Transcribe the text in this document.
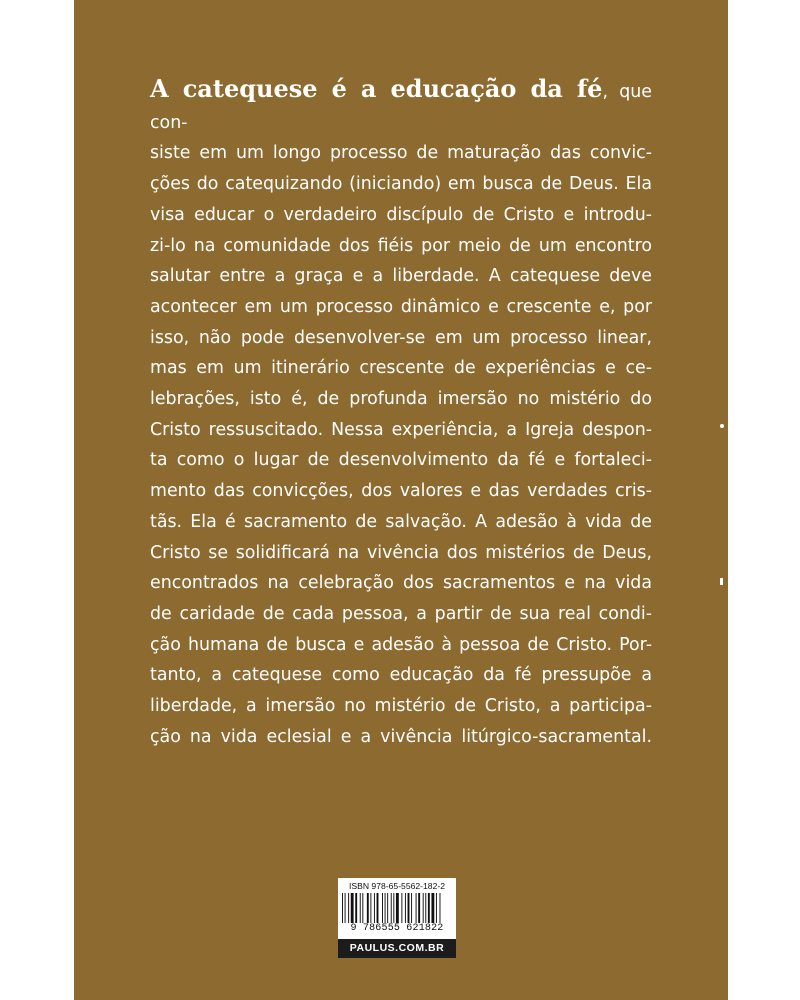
A catequese é a educação da fé, que con-
siste em um longo processo de maturação das convic-
ções do catequizando (iniciando) em busca de Deus. Ela
visa educar o verdadeiro discípulo de Cristo e introdu-
zi-lo na comunidade dos fiéis por meio de um encontro
salutar entre a graça e a liberdade. A catequese deve
acontecer em um processo dinâmico e crescente e, por
isso, não pode desenvolver-se em um processo linear,
mas em um itinerário crescente de experiências e ce-
lebrações, isto é, de profunda imersão no mistério do
Cristo ressuscitado. Nessa experiência, a Igreja despon-
ta como o lugar de desenvolvimento da fé e fortaleci-
mento das convicções, dos valores e das verdades cris-
tãs. Ela é sacramento de salvação. A adesão à vida de
Cristo se solidificará na vivência dos mistérios de Deus,
encontrados na celebração dos sacramentos e na vida
de caridade de cada pessoa, a partir de sua real condi-
ção humana de busca e adesão à pessoa de Cristo. Por-
tanto, a catequese como educação da fé pressupõe a
liberdade, a imersão no mistério de Cristo, a participa-
ção na vida eclesial e a vivência litúrgico-sacramental.

ISBN 978-65-5562-182-2
9 786555 621822
PAULUS.COM.BR
